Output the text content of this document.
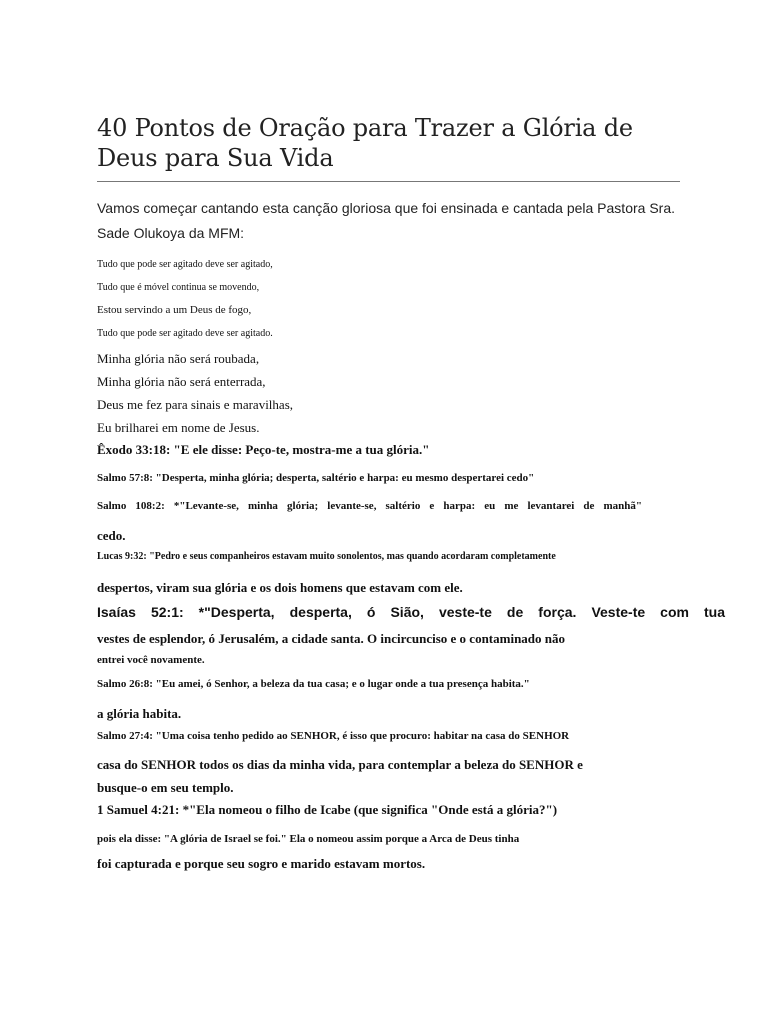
40 Pontos de Oração para Trazer a Glória de Deus para Sua Vida
Vamos começar cantando esta canção gloriosa que foi ensinada e cantada pela Pastora Sra. Sade Olukoya da MFM:
Tudo que pode ser agitado deve ser agitado,
Tudo que é móvel continua se movendo,
Estou servindo a um Deus de fogo,
Tudo que pode ser agitado deve ser agitado.
Minha glória não será roubada,
Minha glória não será enterrada,
Deus me fez para sinais e maravilhas,
Eu brilharei em nome de Jesus.
Êxodo 33:18: "E ele disse: Peço-te, mostra-me a tua glória."
Salmo 57:8: "Desperta, minha glória; desperta, saltério e harpa: eu mesmo despertarei cedo"
Salmo 108:2: *"Levante-se, minha glória; levante-se, saltério e harpa: eu me levantarei de manhã"
cedo.
Lucas 9:32: "Pedro e seus companheiros estavam muito sonolentos, mas quando acordaram completamente
despertos, viram sua glória e os dois homens que estavam com ele.
Isaías 52:1: *"Desperta, desperta, ó Sião, veste-te de força. Veste-te com tua
vestes de esplendor, ó Jerusalém, a cidade santa. O incircunciso e o contaminado não
entrei você novamente.
Salmo 26:8: "Eu amei, ó Senhor, a beleza da tua casa; e o lugar onde a tua presença habita."
a glória habita.
Salmo 27:4: "Uma coisa tenho pedido ao SENHOR, é isso que procuro: habitar na casa do SENHOR
casa do SENHOR todos os dias da minha vida, para contemplar a beleza do SENHOR e
busque-o em seu templo.
1 Samuel 4:21: *"Ela nomeou o filho de Icabe (que significa "Onde está a glória?")
pois ela disse: "A glória de Israel se foi." Ela o nomeou assim porque a Arca de Deus tinha
foi capturada e porque seu sogro e marido estavam mortos.
